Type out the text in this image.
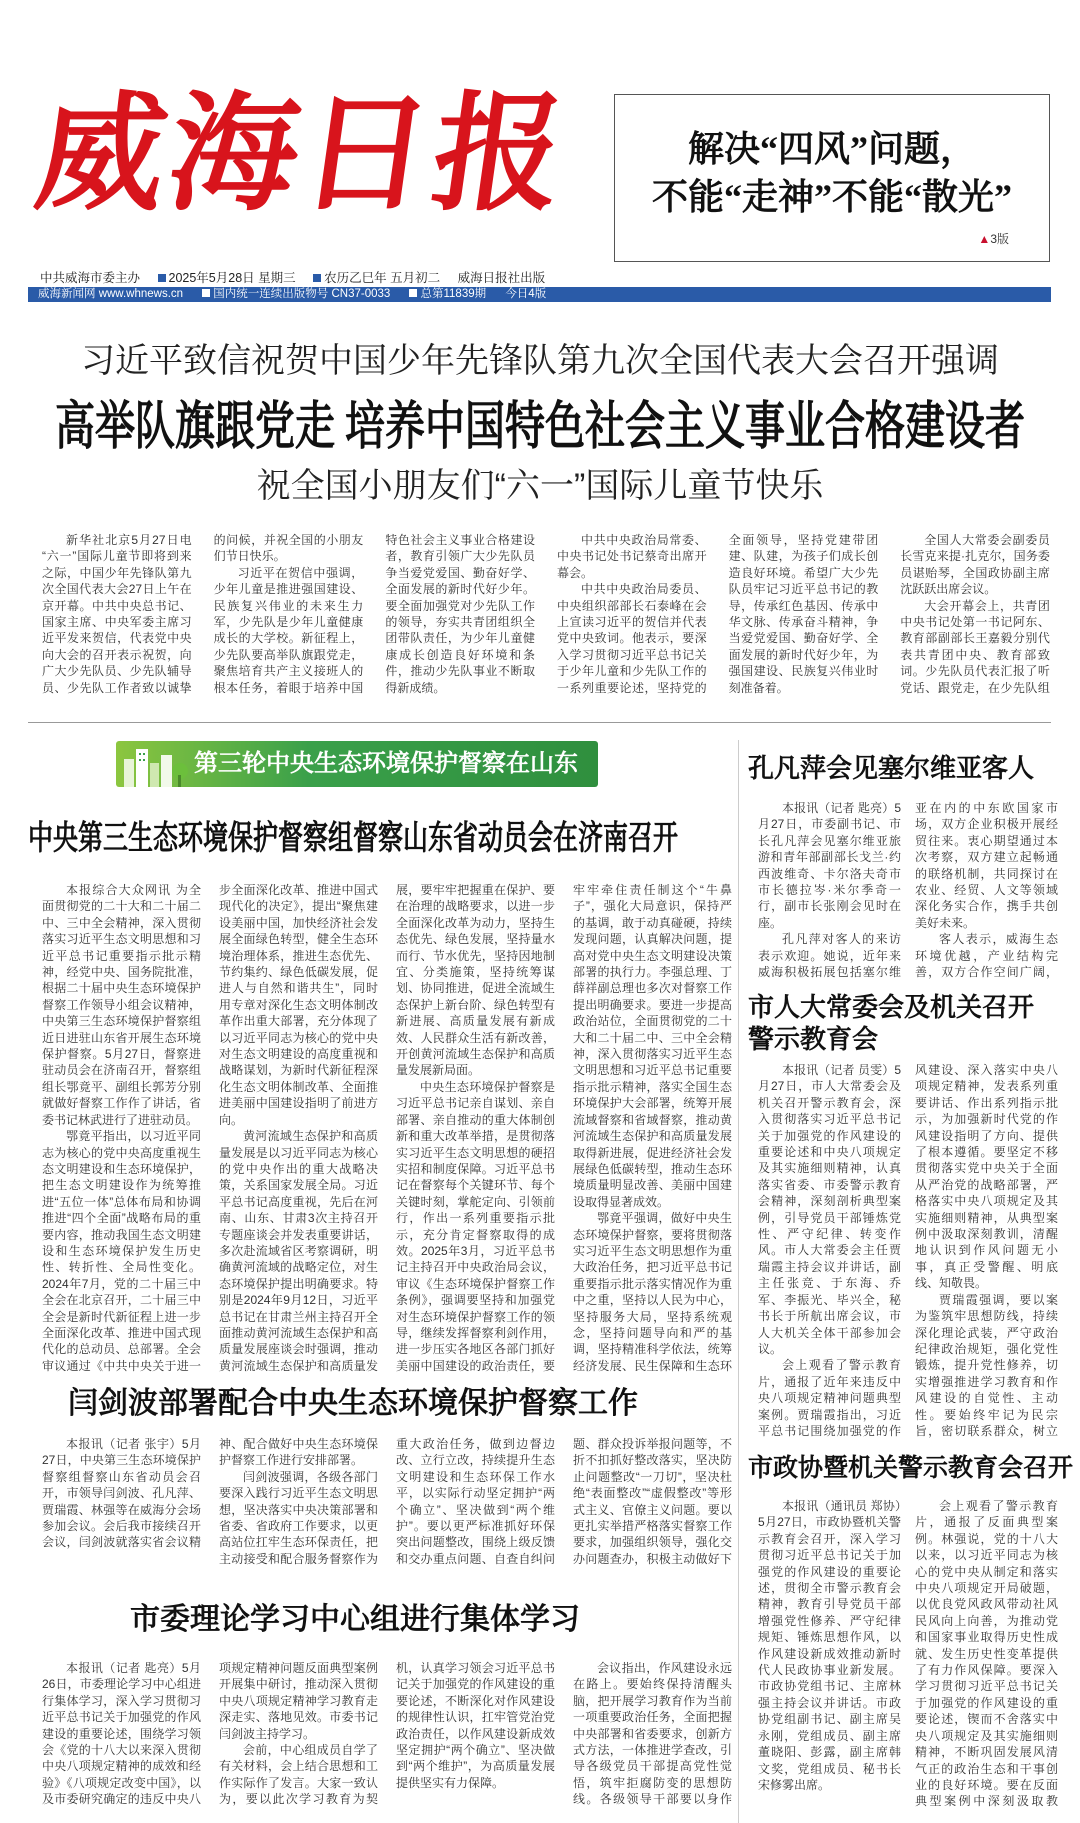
威海日报	解决“四风”问题，
不能“走神”不能“散光”
▲3版
中共威海市委主办 2025年5月28日 星期三 农历乙巳年 五月初二 威海日报社出版
威海新闻网 www.whnews.cn	国内统一连续出版物号 CN37-0033	总第11839期 今日4版
习近平致信祝贺中国少年先锋队第九次全国代表大会召开强调
高举队旗跟党走 培养中国特色社会主义事业合格建设者
祝全国小朋友们“六一”国际儿童节快乐

新华社北京5月27日电 “六一”国际儿童节即将到来之际，中国少年先锋队第九次全国代表大会27日上午在京开幕。中共中央总书记、国家主席、中央军委主席习近平发来贺信，代表党中央向大会的召开表示祝贺，向广大少先队员、少先队辅导员、少先队工作者致以诚挚的问候，并祝全国的小朋友们节日快乐。

习近平在贺信中强调，少年儿童是推进强国建设、民族复兴伟业的未来生力军，少先队是少年儿童健康成长的大学校。新征程上，少先队要高举队旗跟党走，聚焦培育共产主义接班人的根本任务，着眼于培养中国特色社会主义事业合格建设者，教育引领广大少先队员争当爱党爱国、勤奋好学、全面发展的新时代好少年。要全面加强党对少先队工作的领导，夯实共青团组织全团带队责任，为少年儿童健康成长创造良好环境和条件，推动少先队事业不断取得新成绩。

中共中央政治局常委、中央书记处书记蔡奇出席开幕会。

中共中央政治局委员、中央组织部部长石泰峰在会上宣读习近平的贺信并代表党中央致词。他表示，要深入学习贯彻习近平总书记关于少年儿童和少先队工作的一系列重要论述，坚持党的全面领导，坚持党建带团建、队建，为孩子们成长创造良好环境。希望广大少先队员牢记习近平总书记的教导，传承红色基因、传承中华文脉、传承奋斗精神，争当爱党爱国、勤奋好学、全面发展的新时代好少年，为强国建设、民族复兴伟业时刻准备着。

全国人大常委会副委员长雪克来提·扎克尔，国务委员谌贻琴，全国政协副主席沈跃跃出席会议。

大会开幕会上，共青团中央书记处第一书记阿东、教育部副部长王嘉毅分别代表共青团中央、教育部致词。少先队员代表汇报了听党话、跟党走，在少先队组

第三轮中央生态环境保护督察在山东
中央第三生态环境保护督察组督察山东省动员会在济南召开

本报综合大众网讯 为全面贯彻党的二十大和二十届二中、三中全会精神，深入贯彻落实习近平生态文明思想和习近平总书记重要指示批示精神，经党中央、国务院批准，根据二十届中央生态环境保护督察工作领导小组会议精神，中央第三生态环境保护督察组近日进驻山东省开展生态环境保护督察。5月27日，督察进驻动员会在济南召开，督察组组长鄂竟平、副组长郭芳分别就做好督察工作作了讲话，省委书记林武进行了进驻动员。

鄂竟平指出，以习近平同志为核心的党中央高度重视生态文明建设和生态环境保护，把生态文明建设作为统筹推进“五位一体”总体布局和协调推进“四个全面”战略布局的重要内容，推动我国生态文明建设和生态环境保护发生历史性、转折性、全局性变化。2024年7月，党的二十届三中全会在北京召开，二十届三中全会是新时代新征程上进一步全面深化改革、推进中国式现代化的总动员、总部署。全会审议通过《中共中央关于进一步全面深化改革、推进中国式现代化的决定》，提出“聚焦建设美丽中国，加快经济社会发展全面绿色转型，健全生态环境治理体系，推进生态优先、节约集约、绿色低碳发展，促进人与自然和谐共生”，同时用专章对深化生态文明体制改革作出重大部署，充分体现了以习近平同志为核心的党中央对生态文明建设的高度重视和战略谋划，为新时代新征程深化生态文明体制改革、全面推进美丽中国建设指明了前进方向。

黄河流域生态保护和高质量发展是以习近平同志为核心的党中央作出的重大战略决策，关系国家发展全局。习近平总书记高度重视，先后在河南、山东、甘肃3次主持召开专题座谈会并发表重要讲话，多次赴流域省区考察调研，明确黄河流域的战略定位，对生态环境保护提出明确要求。特别是2024年9月12日，习近平总书记在甘肃兰州主持召开全面推动黄河流域生态保护和高质量发展座谈会时强调，推动黄河流域生态保护和高质量发展，要牢牢把握重在保护、要在治理的战略要求，以进一步全面深化改革为动力，坚持生态优先、绿色发展，坚持量水而行、节水优先，坚持因地制宜、分类施策，坚持统筹谋划、协同推进，促进全流域生态保护上新台阶、绿色转型有新进展、高质量发展有新成效、人民群众生活有新改善，开创黄河流域生态保护和高质量发展新局面。

中央生态环境保护督察是习近平总书记亲自谋划、亲自部署、亲自推动的重大体制创新和重大改革举措，是贯彻落实习近平生态文明思想的硬招实招和制度保障。习近平总书记在督察每个关键环节、每个关键时刻，掌舵定向、引领前行，作出一系列重要指示批示，充分肯定督察取得的成效。2025年3月，习近平总书记主持召开中央政治局会议，审议《生态环境保护督察工作条例》，强调要坚持和加强党对生态环境保护督察工作的领导，继续发挥督察利剑作用，进一步压实各地区各部门抓好美丽中国建设的政治责任，要牢牢牵住责任制这个“牛鼻子”，强化大局意识，保持严的基调，敢于动真碰硬，持续发现问题，认真解决问题，提高对党中央生态文明建设决策部署的执行力。李强总理、丁薛祥副总理也多次对督察工作提出明确要求。要进一步提高政治站位，全面贯彻党的二十大和二十届二中、三中全会精神，深入贯彻落实习近平生态文明思想和习近平总书记重要指示批示精神，落实全国生态环境保护大会部署，统筹开展流域督察和省域督察，推动黄河流域生态保护和高质量发展取得新进展，促进经济社会发展绿色低碳转型，推动生态环境质量明显改善、美丽中国建设取得显著成效。

鄂竟平强调，做好中央生态环境保护督察，要将贯彻落实习近平生态文明思想作为重大政治任务，把习近平总书记重要指示批示落实情况作为重中之重，坚持以人民为中心，坚持服务大局，坚持系统观念，坚持问题导向和严的基调，坚持精准科学依法，统筹经济发展、民生保障和生态环

孔凡萍会见塞尔维亚客人

本报讯（记者 匙亮）5月27日，市委副书记、市长孔凡萍会见塞尔维亚旅游和青年部副部长戈兰·约西波维奇、卡尔洛夫奇市市长德拉岑·米尔季奇一行，副市长张刚会见时在座。

孔凡萍对客人的来访表示欢迎。她说，近年来威海积极拓展包括塞尔维亚在内的中东欧国家市场，双方企业积极开展经贸往来。衷心期望通过本次考察，双方建立起畅通的联络机制，共同探讨在农业、经贸、人文等领域深化务实合作，携手共创美好未来。

客人表示，威海生态环境优越，产业结构完善，双方合作空间广阔，

市人大常委会及机关召开警示教育会

本报讯（记者 员雯）5月27日，市人大常委会及机关召开警示教育会，深入贯彻落实习近平总书记关于加强党的作风建设的重要论述和中央八项规定及其实施细则精神，认真落实省委、市委警示教育会精神，深刻剖析典型案例，引导党员干部锤炼党性、严守纪律、转变作风。市人大常委会主任贾瑞霞主持会议并讲话，副主任张竞、于东海、乔军、李振光、毕兴全，秘书长于所航出席会议，市人大机关全体干部参加会议。

会上观看了警示教育片，通报了近年来违反中央八项规定精神问题典型案例。贾瑞霞指出，习近平总书记围绕加强党的作风建设、深入落实中央八项规定精神，发表系列重要讲话、作出系列指示批示，为加强新时代党的作风建设指明了方向、提供了根本遵循。要坚定不移贯彻落实党中央关于全面从严治党的战略部署，严格落实中央八项规定及其实施细则精神，从典型案例中汲取深刻教训，清醒地认识到作风问题无小事，真正受警醒、明底线、知敬畏。

贾瑞霞强调，要以案为鉴筑牢思想防线，持续深化理论武装，严守政治纪律政治规矩，强化党性锻炼，提升党性修养，切实增强推进学习教育和作风建设的自觉性、主动性。要始终牢记为民宗旨，密切联系群众，树立

市政协暨机关警示教育会召开

本报讯（通讯员 郑协）5月27日，市政协暨机关警示教育会召开，深入学习贯彻习近平总书记关于加强党的作风建设的重要论述，贯彻全市警示教育会精神，教育引导党员干部增强党性修养、严守纪律规矩、锤炼思想作风，以作风建设新成效推动新时代人民政协事业新发展。市政协党组书记、主席林强主持会议并讲话。市政协党组副书记、副主席吴永刚，党组成员、副主席董晓阳、彭露，副主席韩文奖，党组成员、秘书长宋修雾出席。

会上观看了警示教育片，通报了反面典型案例。林强说，党的十八大以来，以习近平同志为核心的党中央从制定和落实中央八项规定开局破题，以优良党风政风带动社风民风向上向善，为推动党和国家事业取得历史性成就、发生历史性变革提供了有力作风保障。要深入学习贯彻习近平总书记关于加强党的作风建设的重要论述，锲而不舍落实中央八项规定及其实施细则精神，不断巩固发展风清气正的政治生态和干事创业的良好环境。要在反面典型案例中深刻汲取教

闫剑波部署配合中央生态环境保护督察工作

本报讯（记者 张宇）5月27日，中央第三生态环境保护督察组督察山东省动员会召开，市领导闫剑波、孔凡萍、贾瑞霞、林强等在威海分会场参加会议。会后我市接续召开会议，闫剑波就落实省会议精神、配合做好中央生态环境保护督察工作进行安排部署。

闫剑波强调，各级各部门要深入践行习近平生态文明思想，坚决落实中央决策部署和省委、省政府工作要求，以更高站位扛牢生态环保责任，把主动接受和配合服务督察作为重大政治任务，做到边督边改、立行立改，持续提升生态文明建设和生态环保工作水平，以实际行动坚定拥护“两个确立”、坚决做到“两个维护”。要以更严标准抓好环保突出问题整改，围绕上级反馈和交办重点问题、自查自纠问题、群众投诉举报问题等，不折不扣抓好整改落实，坚决防止问题整改“一刀切”，坚决杜绝“表面整改”“虚假整改”等形式主义、官僚主义问题。要以更扎实举措严格落实督察工作要求，加强组织领导，强化交办问题查办，积极主动做好下

市委理论学习中心组进行集体学习

本报讯（记者 匙亮）5月26日，市委理论学习中心组进行集体学习，深入学习贯彻习近平总书记关于加强党的作风建设的重要论述，围绕学习领会《党的十八大以来深入贯彻中央八项规定精神的成效和经验》《八项规定改变中国》，以及市委研究确定的违反中央八项规定精神问题反面典型案例开展集中研讨，推动深入贯彻中央八项规定精神学习教育走深走实、落地见效。市委书记闫剑波主持学习。

会前，中心组成员自学了有关材料，会上结合思想和工作实际作了发言。大家一致认为，要以此次学习教育为契机，认真学习领会习近平总书记关于加强党的作风建设的重要论述，不断深化对作风建设的规律性认识，扛牢管党治党政治责任，以作风建设新成效坚定拥护“两个确立”、坚决做到“两个维护”，为高质量发展提供坚实有力保障。

会议指出，作风建设永远在路上。要始终保持清醒头脑，把开展学习教育作为当前一项重要政治任务，全面把握中央部署和省委要求，创新方式方法，一体推进学查改，引导各级党员干部提高党性觉悟，筑牢拒腐防变的思想防线。各级领导干部要以身作
